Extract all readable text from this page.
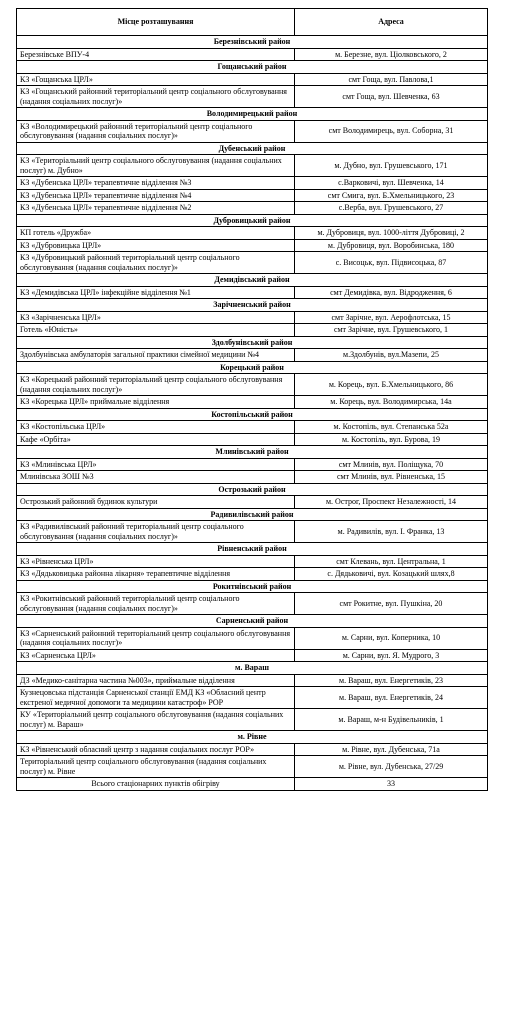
Місце розташування	Адреса
Березнівський район	
Березнівське ВПУ-4	м. Березне, вул. Ціолковського, 2
Гощанський район	
КЗ «Гощанська ЦРЛ»	смт Гоща, вул. Павлова,1
КЗ «Гощанський районний територіальний центр соціального обслуговування (надання соціальних послуг)»	смт Гоща, вул. Шевченка, 63
Володимирецький район	
КЗ «Володимирецький районний територіальний центр соціального обслуговування (надання соціальних послуг)»	смт Володимирець, вул. Соборна, 31
Дубенський район	
КЗ «Територіальний центр соціального обслуговування (надання соціальних послуг) м. Дубно»	м. Дубно, вул. Грушевського, 171
КЗ «Дубенська ЦРЛ» терапевтичне відділення №3	с.Варковичі, вул. Шевченка, 14
КЗ «Дубенська ЦРЛ» терапевтичне відділення №4	смт Смига, вул. Б.Хмельницького, 23
КЗ «Дубенська ЦРЛ» терапевтичне відділення №2	с.Верба, вул. Грушевського, 27
Дубровицький район	
КП готель «Дружба»	м. Дубровиця, вул. 1000-ліття Дубровиці, 2
КЗ «Дубровицька ЦРЛ»	м. Дубровиця, вул. Воробинська, 180
КЗ «Дубровицький районний територіальний центр соціального обслуговування (надання соціальних послуг)»	с. Висоцьк, вул. Підвисоцька, 87
Демидівський район	
КЗ «Демидівська ЦРЛ» інфекційне відділення №1	смт Демидівка, вул. Відродження, 6
Зарічненський район	
КЗ «Зарічненська ЦРЛ»	смт Зарічне, вул. Аерофлотська, 15
Готель «Юність»	смт Зарічне, вул. Грушевського, 1
Здолбунівський район	
Здолбунівська амбулаторія загальної практики сімейної медицини №4	м.Здолбунів, вул.Мазепи, 25
Корецький район	
КЗ «Корецький районний територіальний центр соціального обслуговування (надання соціальних послуг)»	м. Корець, вул. Б.Хмельницького, 86
КЗ «Корецька ЦРЛ» приймальне відділення	м. Корець, вул. Володимирська, 14а
Костопільський район	
КЗ «Костопільська ЦРЛ»	м. Костопіль, вул. Степанська 52а
Кафе «Орбіта»	м. Костопіль, вул. Бурова, 19
Млинівський район	
КЗ «Млинівська ЦРЛ»	смт Млинів, вул. Поліщука, 70
Млинівська ЗОШ №3	смт Млинів, вул. Рівненська, 15
Острозький район	
Острозький районний будинок культури	м. Острог, Проспект Незалежності, 14
Радивилівський район	
КЗ «Радивилівський районний територіальний центр соціального обслуговування (надання соціальних послуг)»	м. Радивилів, вул. І. Франка, 13
Рівненський район	
КЗ «Рівненська ЦРЛ»	смт Клевань, вул. Центральна, 1
КЗ «Дядьковицька районна лікарня» терапевтичне відділення	с. Дядьковичі, вул. Козацький шлях,8
Рокитнівський район	
КЗ «Рокитнівський районний територіальний центр соціального обслуговування (надання соціальних послуг)»	смт Рокитне, вул. Пушкіна, 20
Сарненський район	
КЗ «Сарненський районний територіальний центр соціального обслуговування (надання соціальних послуг)»	м. Сарни, вул. Коперника, 10
КЗ «Сарненська ЦРЛ»	м. Сарни, вул. Я. Мудрого, 3
м. Вараш	
ДЗ «Медико-санітарна частина №003», приймальне відділення	м. Вараш, вул. Енергетиків, 23
Кузнецовська підстанція Сарненської станції ЕМД КЗ «Обласний центр екстреної медичної допомоги та медицини катастроф» РОР	м. Вараш, вул. Енергетиків, 24
КУ «Територіальний центр соціального обслуговування (надання соціальних послуг) м. Вараш»	м. Вараш, м-н Будівельників, 1
м. Рівне	
КЗ «Рівненський обласний центр з надання соціальних послуг РОР»	м. Рівне, вул. Дубенська, 71а
Територіальний центр соціального обслуговування (надання соціальних послуг) м. Рівне	м. Рівне, вул. Дубенська, 27/29
Всього стаціонарних пунктів обігріву	33
